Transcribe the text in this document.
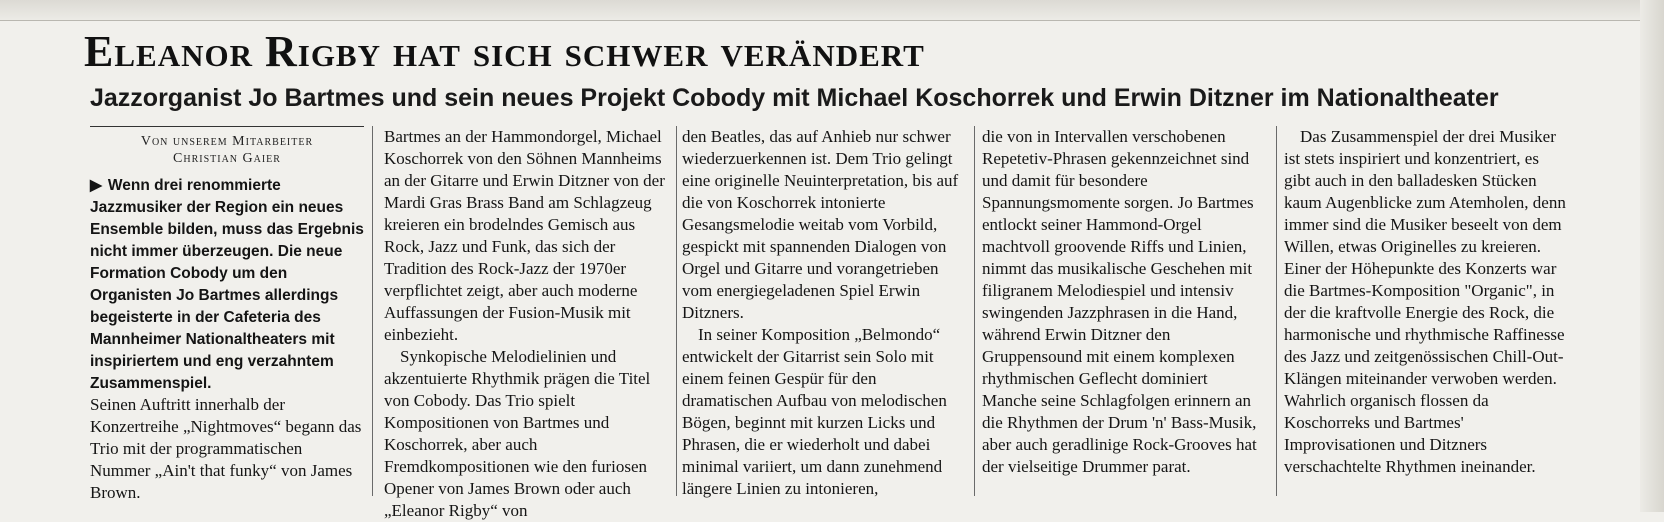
Eleanor Rigby hat sich schwer verändert
Jazzorganist Jo Bartmes und sein neues Projekt Cobody mit Michael Koschorrek und Erwin Ditzner im Nationaltheater
Von unserem Mitarbeiter
Christian Gaier

▶ Wenn drei renommierte Jazzmusiker der Region ein neues Ensemble bilden, muss das Ergebnis nicht immer überzeugen. Die neue Formation Cobody um den Organisten Jo Bartmes allerdings begeisterte in der Cafeteria des Mannheimer Nationaltheaters mit inspiriertem und eng verzahntem Zusammenspiel.

Seinen Auftritt innerhalb der Konzertreihe „Nightmoves“ begann das Trio mit der programmatischen Nummer „Ain't that funky“ von James Brown.

Bartmes an der Hammondorgel, Michael Koschorrek von den Söhnen Mannheims an der Gitarre und Erwin Ditzner von der Mardi Gras Brass Band am Schlagzeug kreieren ein brodelndes Gemisch aus Rock, Jazz und Funk, das sich der Tradition des Rock-Jazz der 1970er verpflichtet zeigt, aber auch moderne Auffassungen der Fusion-Musik mit einbezieht.

Synkopische Melodielinien und akzentuierte Rhythmik prägen die Titel von Cobody. Das Trio spielt Kompositionen von Bartmes und Koschorrek, aber auch Fremdkompositionen wie den furiosen Opener von James Brown oder auch „Eleanor Rigby“ von

den Beatles, das auf Anhieb nur schwer wiederzuerkennen ist. Dem Trio gelingt eine originelle Neuinterpretation, bis auf die von Koschorrek intonierte Gesangsmelodie weitab vom Vorbild, gespickt mit spannenden Dialogen von Orgel und Gitarre und vorangetrieben vom energiegeladenen Spiel Erwin Ditzners.

In seiner Komposition „Belmondo“ entwickelt der Gitarrist sein Solo mit einem feinen Gespür für den dramatischen Aufbau von melodischen Bögen, beginnt mit kurzen Licks und Phrasen, die er wiederholt und dabei minimal variiert, um dann zunehmend längere Linien zu intonieren,

die von in Intervallen verschobenen Repetetiv-Phrasen gekennzeichnet sind und damit für besondere Spannungsmomente sorgen. Jo Bartmes entlockt seiner Hammond-Orgel machtvoll groovende Riffs und Linien, nimmt das musikalische Geschehen mit filigranem Melodiespiel und intensiv swingenden Jazzphrasen in die Hand, während Erwin Ditzner den Gruppensound mit einem komplexen rhythmischen Geflecht dominiert Manche seine Schlagfolgen erinnern an die Rhythmen der Drum 'n' Bass-Musik, aber auch geradlinige Rock-Grooves hat der vielseitige Drummer parat.

Das Zusammenspiel der drei Musiker ist stets inspiriert und konzentriert, es gibt auch in den balladesken Stücken kaum Augenblicke zum Atemholen, denn immer sind die Musiker beseelt von dem Willen, etwas Originelles zu kreieren. Einer der Höhepunkte des Konzerts war die Bartmes-Komposition "Organic", in der die kraftvolle Energie des Rock, die harmonische und rhythmische Raffinesse des Jazz und zeitgenössischen Chill-Out-Klängen miteinander verwoben werden. Wahrlich organisch flossen da Koschorreks und Bartmes' Improvisationen und Ditzners verschachtelte Rhythmen ineinander.
